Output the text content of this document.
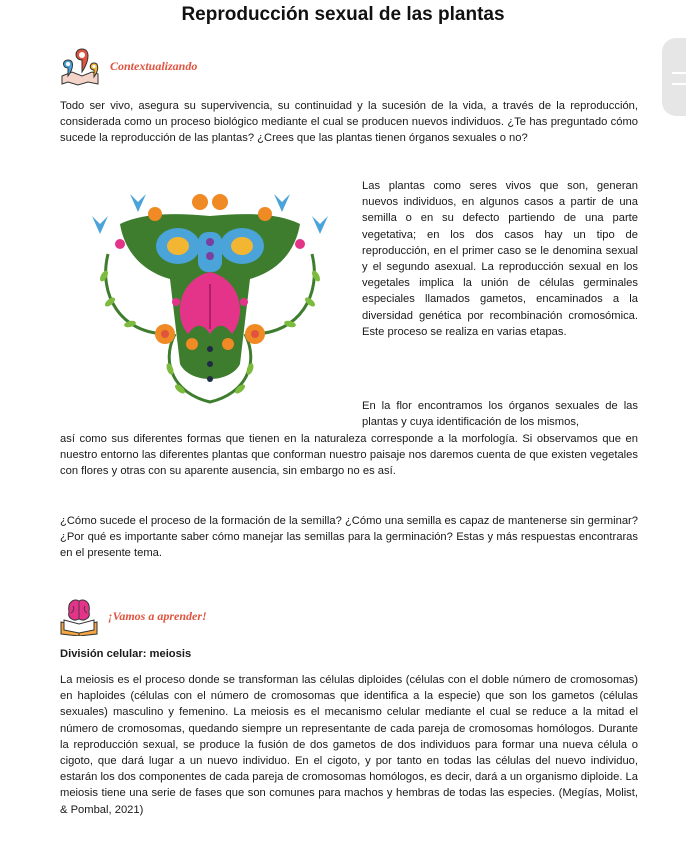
Reproducción sexual de las plantas
Contextualizando

Todo ser vivo, asegura su supervivencia, su continuidad y la sucesión de la vida, a través de la reproducción, considerada como un proceso biológico mediante el cual se producen nuevos individuos. ¿Te has preguntado cómo sucede la reproducción de las plantas? ¿Crees que las plantas tienen órganos sexuales o no?

Las plantas como seres vivos que son, generan nuevos individuos, en algunos casos a partir de una semilla o en su defecto partiendo de una parte vegetativa; en los dos casos hay un tipo de reproducción, en el primer caso se le denomina sexual y el segundo asexual. La reproducción sexual en los vegetales implica la unión de células germinales especiales llamados gametos, encaminados a la diversidad genética por recombinación cromosómica. Este proceso se realiza en varias etapas.

En la flor encontramos los órganos sexuales de las plantas y cuya identificación de los mismos,

así como sus diferentes formas que tienen en la naturaleza corresponde a la morfología. Si observamos que en nuestro entorno las diferentes plantas que conforman nuestro paisaje nos daremos cuenta de que existen vegetales con flores y otras con su aparente ausencia, sin embargo no es así.

¿Cómo sucede el proceso de la formación de la semilla? ¿Cómo una semilla es capaz de mantenerse sin germinar? ¿Por qué es importante saber cómo manejar las semillas para la germinación? Estas y más respuestas encontraras en el presente tema.

¡Vamos a aprender!
División celular: meiosis

La meiosis es el proceso donde se transforman las células diploides (células con el doble número de cromosomas) en haploides (células con el número de cromosomas que identifica a la especie) que son los gametos (células sexuales) masculino y femenino. La meiosis es el mecanismo celular mediante el cual se reduce a la mitad el número de cromosomas, quedando siempre un representante de cada pareja de cromosomas homólogos. Durante la reproducción sexual, se produce la fusión de dos gametos de dos individuos para formar una nueva célula o cigoto, que dará lugar a un nuevo individuo. En el cigoto, y por tanto en todas las células del nuevo individuo, estarán los dos componentes de cada pareja de cromosomas homólogos, es decir, dará a un organismo diploide. La meiosis tiene una serie de fases que son comunes para machos y hembras de todas las especies. (Megías, Molist, & Pombal, 2021)
